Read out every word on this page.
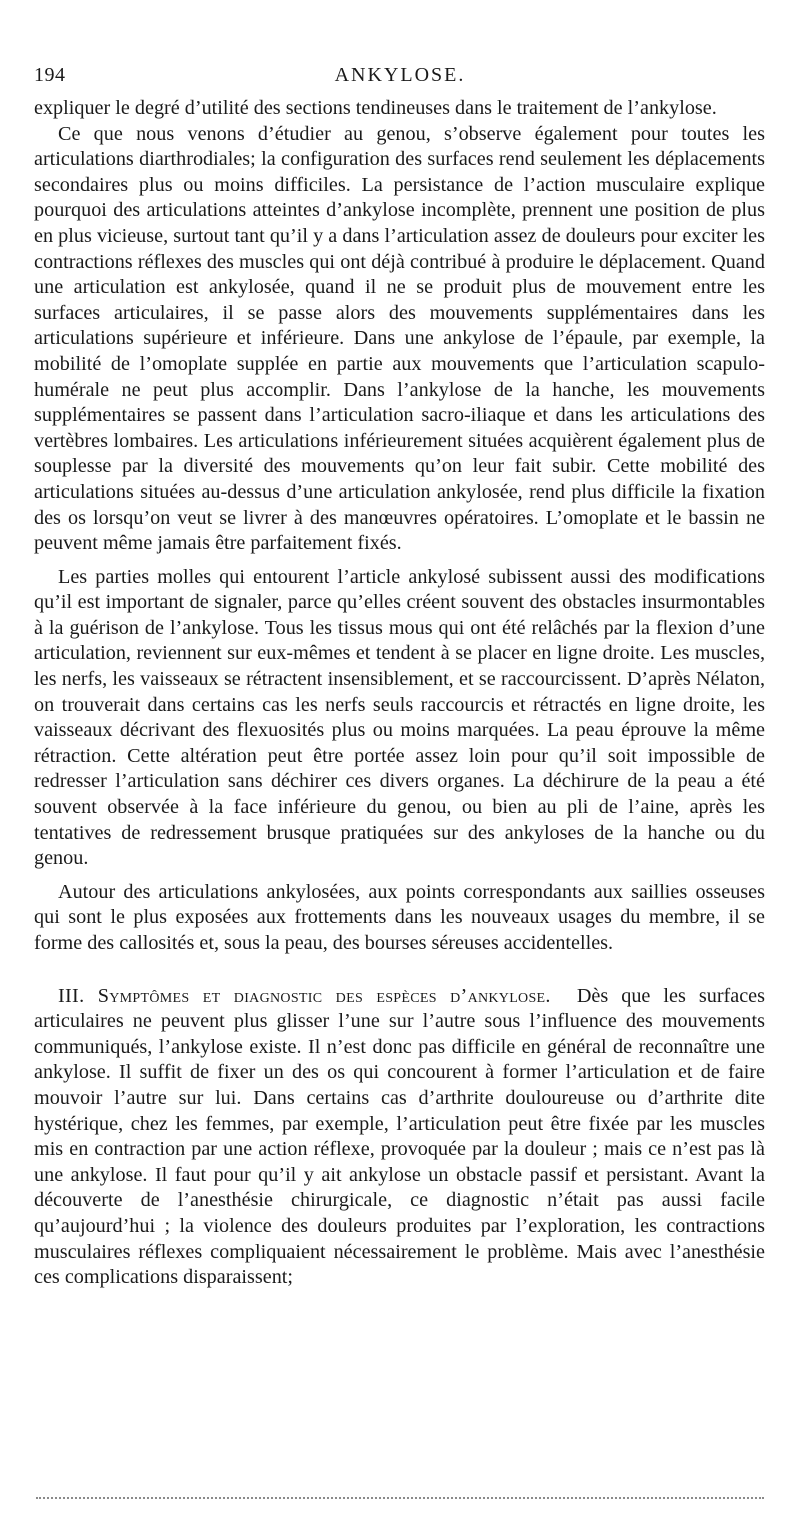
194	ANKYLOSE.

expliquer le degré d’utilité des sections tendineuses dans le traitement de l’ankylose.

Ce que nous venons d’étudier au genou, s’observe également pour toutes les articulations diarthrodiales; la configuration des surfaces rend seulement les déplacements secondaires plus ou moins difficiles. La persistance de l’action musculaire explique pourquoi des articulations atteintes d’ankylose incomplète, prennent une position de plus en plus vicieuse, surtout tant qu’il y a dans l’articulation assez de douleurs pour exciter les contractions réflexes des muscles qui ont déjà contribué à produire le déplacement. Quand une articulation est ankylosée, quand il ne se produit plus de mouvement entre les surfaces articulaires, il se passe alors des mouvements supplémentaires dans les articulations supérieure et inférieure. Dans une ankylose de l’épaule, par exemple, la mobilité de l’omoplate supplée en partie aux mouvements que l’articulation scapulo-humérale ne peut plus accomplir. Dans l’ankylose de la hanche, les mouvements supplémentaires se passent dans l’articulation sacro-iliaque et dans les articulations des vertèbres lombaires. Les articulations inférieurement situées acquièrent également plus de souplesse par la diversité des mouvements qu’on leur fait subir. Cette mobilité des articulations situées au-dessus d’une articulation ankylosée, rend plus difficile la fixation des os lorsqu’on veut se livrer à des manœuvres opératoires. L’omoplate et le bassin ne peuvent même jamais être parfaitement fixés.

Les parties molles qui entourent l’article ankylosé subissent aussi des modifications qu’il est important de signaler, parce qu’elles créent souvent des obstacles insurmontables à la guérison de l’ankylose. Tous les tissus mous qui ont été relâchés par la flexion d’une articulation, reviennent sur eux-mêmes et tendent à se placer en ligne droite. Les muscles, les nerfs, les vaisseaux se rétractent insensiblement, et se raccourcissent. D’après Nélaton, on trouverait dans certains cas les nerfs seuls raccourcis et rétractés en ligne droite, les vaisseaux décrivant des flexuosités plus ou moins marquées. La peau éprouve la même rétraction. Cette altération peut être portée assez loin pour qu’il soit impossible de redresser l’articulation sans déchirer ces divers organes. La déchirure de la peau a été souvent observée à la face inférieure du genou, ou bien au pli de l’aine, après les tentatives de redressement brusque pratiquées sur des ankyloses de la hanche ou du genou.

Autour des articulations ankylosées, aux points correspondants aux saillies osseuses qui sont le plus exposées aux frottements dans les nouveaux usages du membre, il se forme des callosités et, sous la peau, des bourses séreuses accidentelles.

III. Symptômes et diagnostic des espèces d’ankylose. Dès que les surfaces articulaires ne peuvent plus glisser l’une sur l’autre sous l’influence des mouvements communiqués, l’ankylose existe. Il n’est donc pas difficile en général de reconnaître une ankylose. Il suffit de fixer un des os qui concourent à former l’articulation et de faire mouvoir l’autre sur lui. Dans certains cas d’arthrite douloureuse ou d’arthrite dite hystérique, chez les femmes, par exemple, l’articulation peut être fixée par les muscles mis en contraction par une action réflexe, provoquée par la douleur ; mais ce n’est pas là une ankylose. Il faut pour qu’il y ait ankylose un obstacle passif et persistant. Avant la découverte de l’anesthésie chirurgicale, ce diagnostic n’était pas aussi facile qu’aujourd’hui ; la violence des douleurs produites par l’exploration, les contractions musculaires réflexes compliquaient nécessairement le problème. Mais avec l’anesthésie ces complications disparaissent;
